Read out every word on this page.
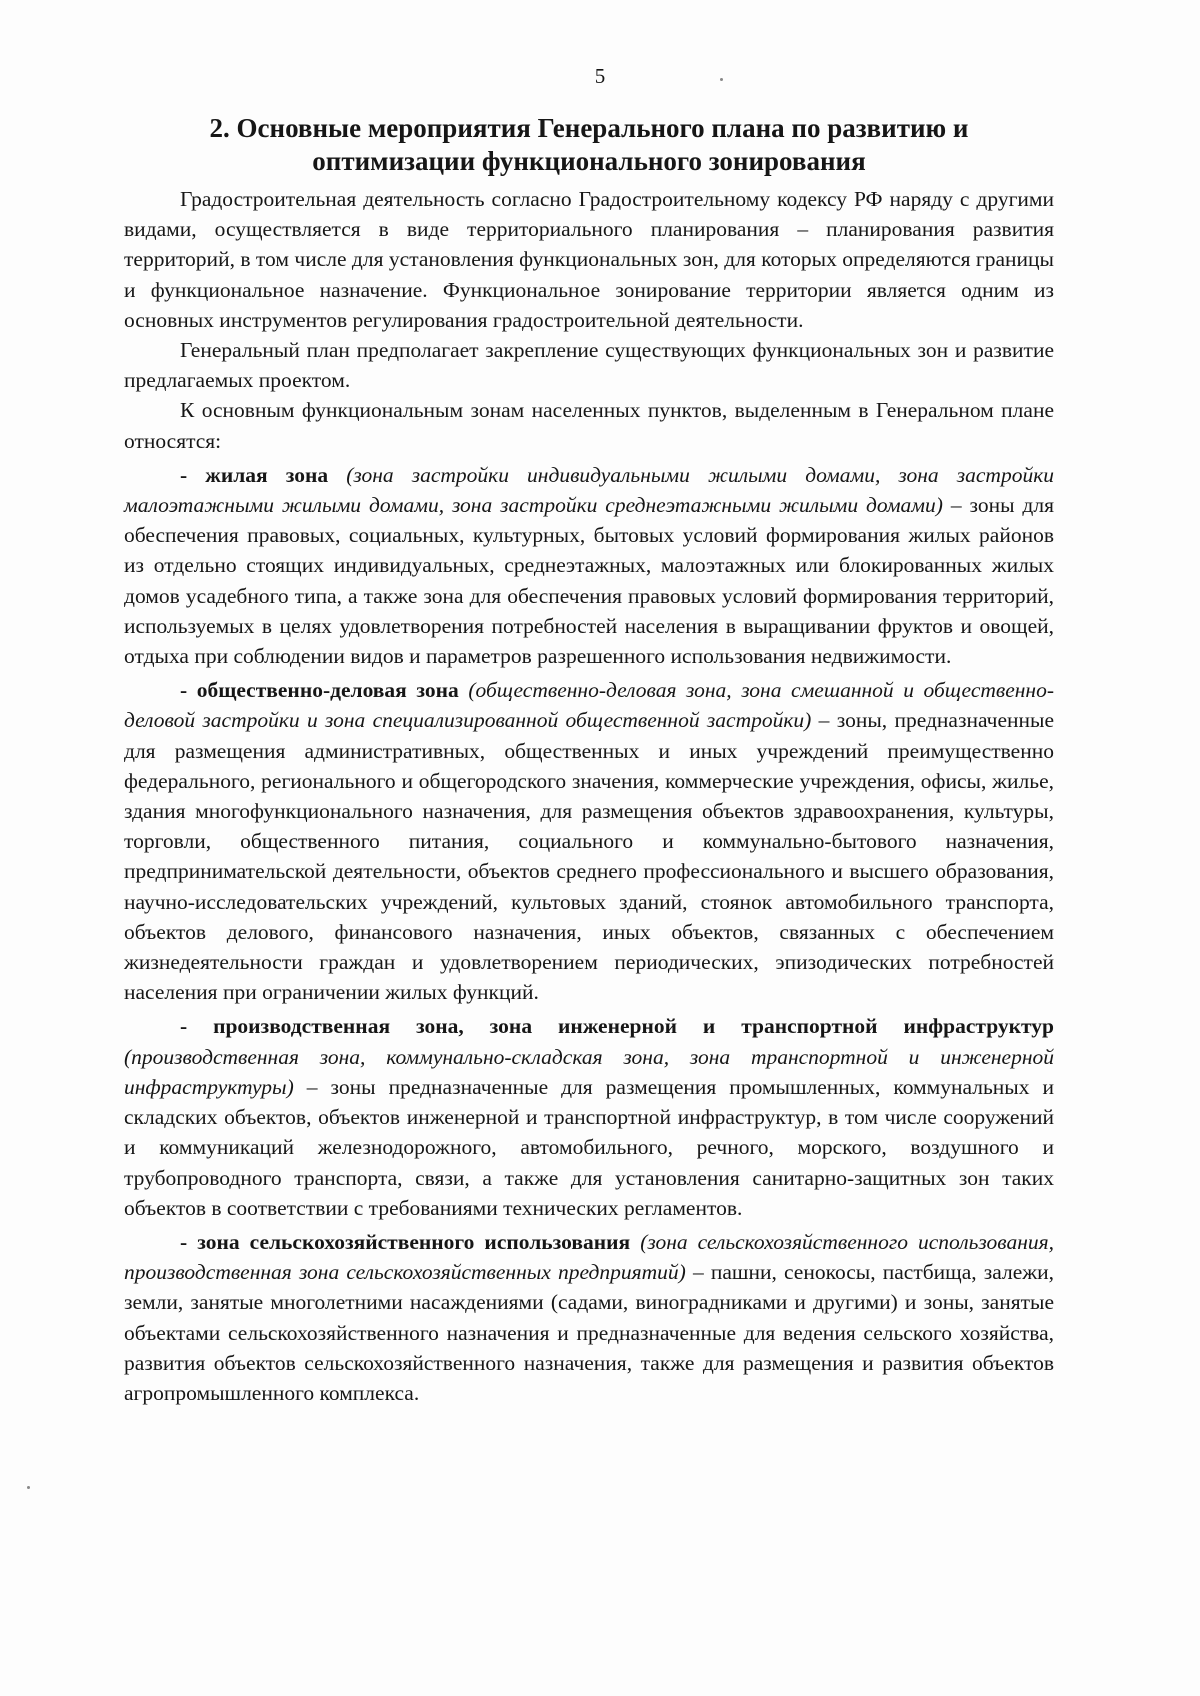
5
2. Основные мероприятия Генерального плана по развитию и
оптимизации функционального зонирования

Градостроительная деятельность согласно Градостроительному кодексу РФ наряду с другими видами, осуществляется в виде территориального планирования – планирования развития территорий, в том числе для установления функциональных зон, для которых определяются границы и функциональное назначение. Функциональное зонирование территории является одним из основных инструментов регулирования градостроительной деятельности.

Генеральный план предполагает закрепление существующих функциональных зон и развитие предлагаемых проектом.

К основным функциональным зонам населенных пунктов, выделенным в Генеральном плане относятся:

- жилая зона (зона застройки индивидуальными жилыми домами, зона застройки малоэтажными жилыми домами, зона застройки среднеэтажными жилыми домами) – зоны для обеспечения правовых, социальных, культурных, бытовых условий формирования жилых районов из отдельно стоящих индивидуальных, среднеэтажных, малоэтажных или блокированных жилых домов усадебного типа, а также зона для обеспечения правовых условий формирования территорий, используемых в целях удовлетворения потребностей населения в выращивании фруктов и овощей, отдыха при соблюдении видов и параметров разрешенного использования недвижимости.

- общественно-деловая зона (общественно-деловая зона, зона смешанной и общественно-деловой застройки и зона специализированной общественной застройки) – зоны, предназначенные для размещения административных, общественных и иных учреждений преимущественно федерального, регионального и общегородского значения, коммерческие учреждения, офисы, жилье, здания многофункционального назначения, для размещения объектов здравоохранения, культуры, торговли, общественного питания, социального и коммунально-бытового назначения, предпринимательской деятельности, объектов среднего профессионального и высшего образования, научно-исследовательских учреждений, культовых зданий, стоянок автомобильного транспорта, объектов делового, финансового назначения, иных объектов, связанных с обеспечением жизнедеятельности граждан и удовлетворением периодических, эпизодических потребностей населения при ограничении жилых функций.

- производственная зона, зона инженерной и транспортной инфраструктур (производственная зона, коммунально-складская зона, зона транспортной и инженерной инфраструктуры) – зоны предназначенные для размещения промышленных, коммунальных и складских объектов, объектов инженерной и транспортной инфраструктур, в том числе сооружений и коммуникаций железнодорожного, автомобильного, речного, морского, воздушного и трубопроводного транспорта, связи, а также для установления санитарно-защитных зон таких объектов в соответствии с требованиями технических регламентов.

- зона сельскохозяйственного использования (зона сельскохозяйственного использования, производственная зона сельскохозяйственных предприятий) – пашни, сенокосы, пастбища, залежи, земли, занятые многолетними насаждениями (садами, виноградниками и другими) и зоны, занятые объектами сельскохозяйственного назначения и предназначенные для ведения сельского хозяйства, развития объектов сельскохозяйственного назначения, также для размещения и развития объектов агропромышленного комплекса.
